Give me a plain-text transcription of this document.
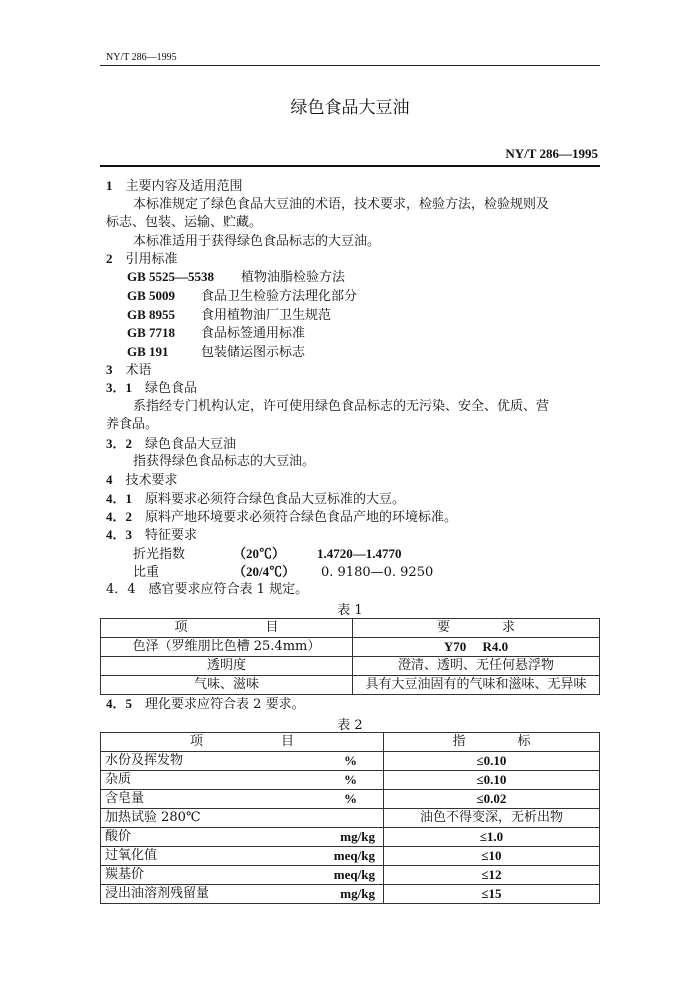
NY/T 286—1995
绿色食品大豆油
NY/T 286—1995
1　 主要内容及适用范围
本标准规定了绿色食品大豆油的术语，技术要求，检验方法，检验规则及
标志、包装、运输、贮藏。
本标准适用于获得绿色食品标志的大豆油。
2　 引用标准
GB 5525—5538 植物油脂检验方法
GB 5009 食品卫生检验方法理化部分
GB 8955 食用植物油厂卫生规范
GB 7718 食品标签通用标准
GB 191 包装储运图示标志
3　 术语
3．1　 绿色食品
系指经专门机构认定，许可使用绿色食品标志的无污染、安全、优质、营
养食品。
3．2　 绿色食品大豆油
指获得绿色食品标志的大豆油。
4　 技术要求
4．1　 原料要求必须符合绿色食品大豆标准的大豆。
4．2　 原料产地环境要求必须符合绿色食品产地的环境标准。
4．3　 特征要求
折光指数	（20℃） 1.4720—1.4770
比重	（20/4℃） 0. 9180—0. 9250
4．4　感官要求应符合表 1 规定。
表 1
项　　　　　　目	要　　　　求
色泽（罗维朋比色槽 25.4mm）	Y70　 R4.0
透明度	澄清、透明、无任何悬浮物
气味、滋味	具有大豆油固有的气味和滋味、无异味
4．5　 理化要求应符合表 2 要求。
表 2
项　　　　　　目		指　　　　标
水份及挥发物	%	≤0.10
杂质	%	≤0.10
含皂量	%	≤0.02
加热试验 280℃		油色不得变深，无析出物
酸价	mg/kg	≤1.0
过氧化值	meq/kg	≤10
羰基价	meq/kg	≤12
浸出油溶剂残留量	mg/kg	≤15
